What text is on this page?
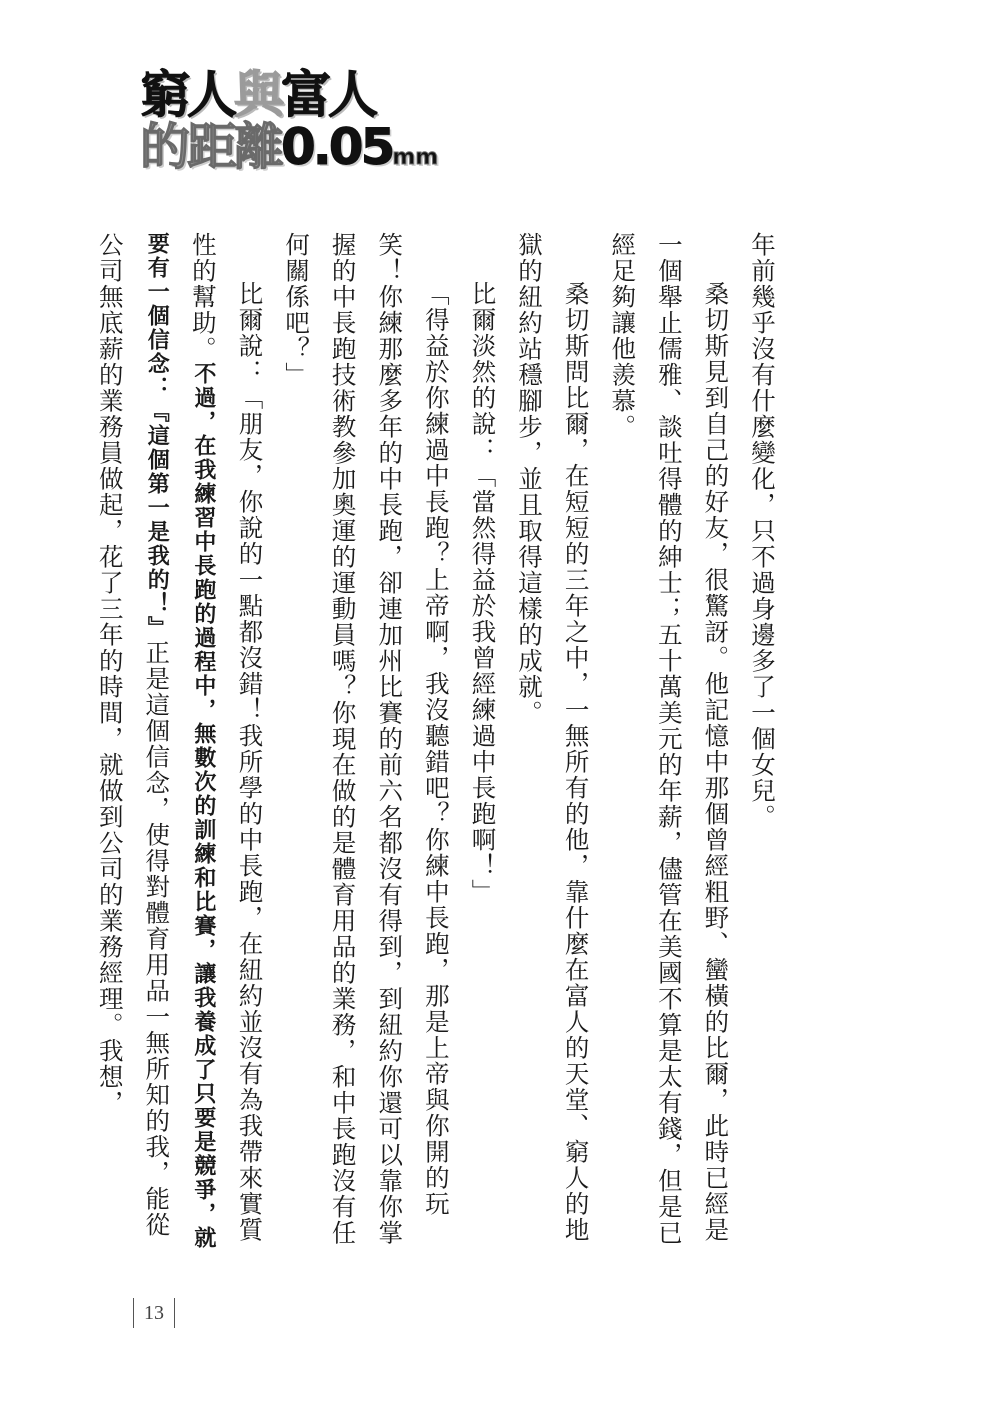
窮人與富人
的距離0.05mm

年前幾乎沒有什麼變化，只不過身邊多了一個女兒。

桑切斯見到自己的好友，很驚訝。他記憶中那個曾經粗野、蠻橫的比爾，此時已經是一個舉止儒雅、談吐得體的紳士；五十萬美元的年薪，儘管在美國不算是太有錢，但是已經足夠讓他羨慕。

桑切斯問比爾，在短短的三年之中，一無所有的他，靠什麼在富人的天堂、窮人的地獄的紐約站穩腳步，並且取得這樣的成就。

比爾淡然的說：「當然得益於我曾經練過中長跑啊！」

「得益於你練過中長跑？上帝啊，我沒聽錯吧？你練中長跑，那是上帝與你開的玩笑！你練那麼多年的中長跑，卻連加州比賽的前六名都沒有得到，到紐約你還可以靠你掌握的中長跑技術教參加奧運的運動員嗎？你現在做的是體育用品的業務，和中長跑沒有任何關係吧？」

比爾說：「朋友，你說的一點都沒錯！我所學的中長跑，在紐約並沒有為我帶來實質性的幫助。不過，在我練習中長跑的過程中，無數次的訓練和比賽，讓我養成了只要是競爭，就要有一個信念：『這個第一是我的！』正是這個信念，使得對體育用品一無所知的我，能從公司無底薪的業務員做起，花了三年的時間，就做到公司的業務經理。我想，

13
